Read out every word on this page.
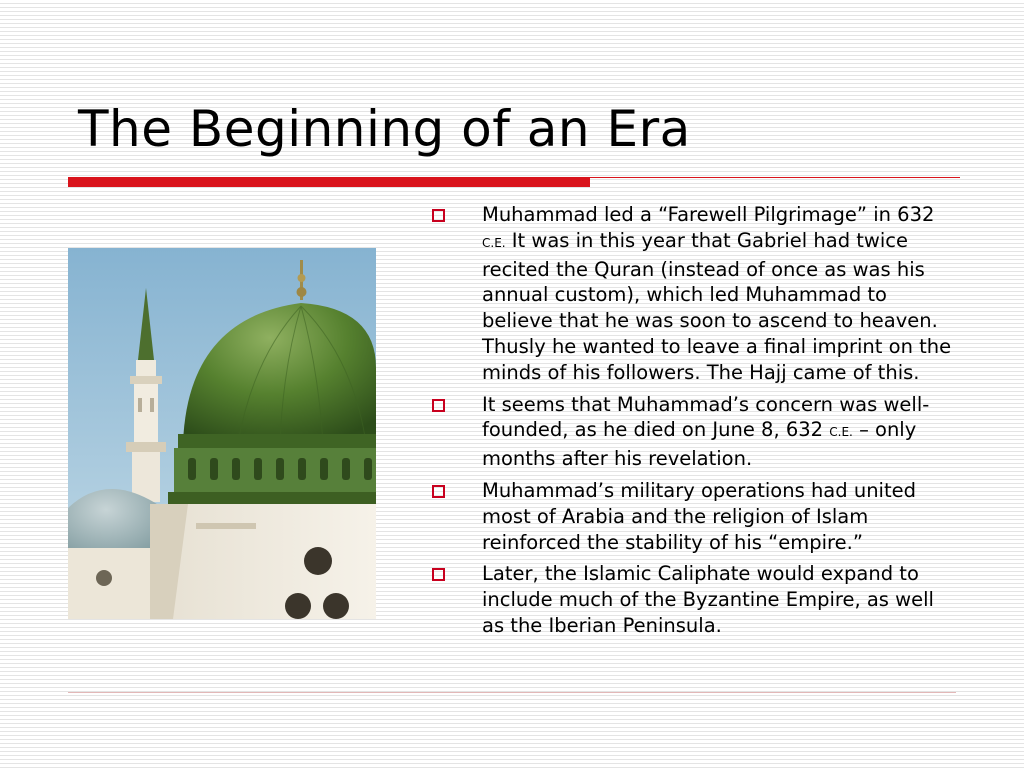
The Beginning of an Era
Muhammad led a “Farewell Pilgrimage” in 632 C.E. It was in this year that Gabriel had twice recited the Quran (instead of once as was his annual custom), which led Muhammad to believe that he was soon to ascend to heaven. Thusly he wanted to leave a final imprint on the minds of his followers. The Hajj came of this.
It seems that Muhammad’s concern was well-founded, as he died on June 8, 632 C.E. – only months after his revelation.
Muhammad’s military operations had united most of Arabia and the religion of Islam reinforced the stability of his “empire.”
Later, the Islamic Caliphate would expand to include much of the Byzantine Empire, as well as the Iberian Peninsula.
